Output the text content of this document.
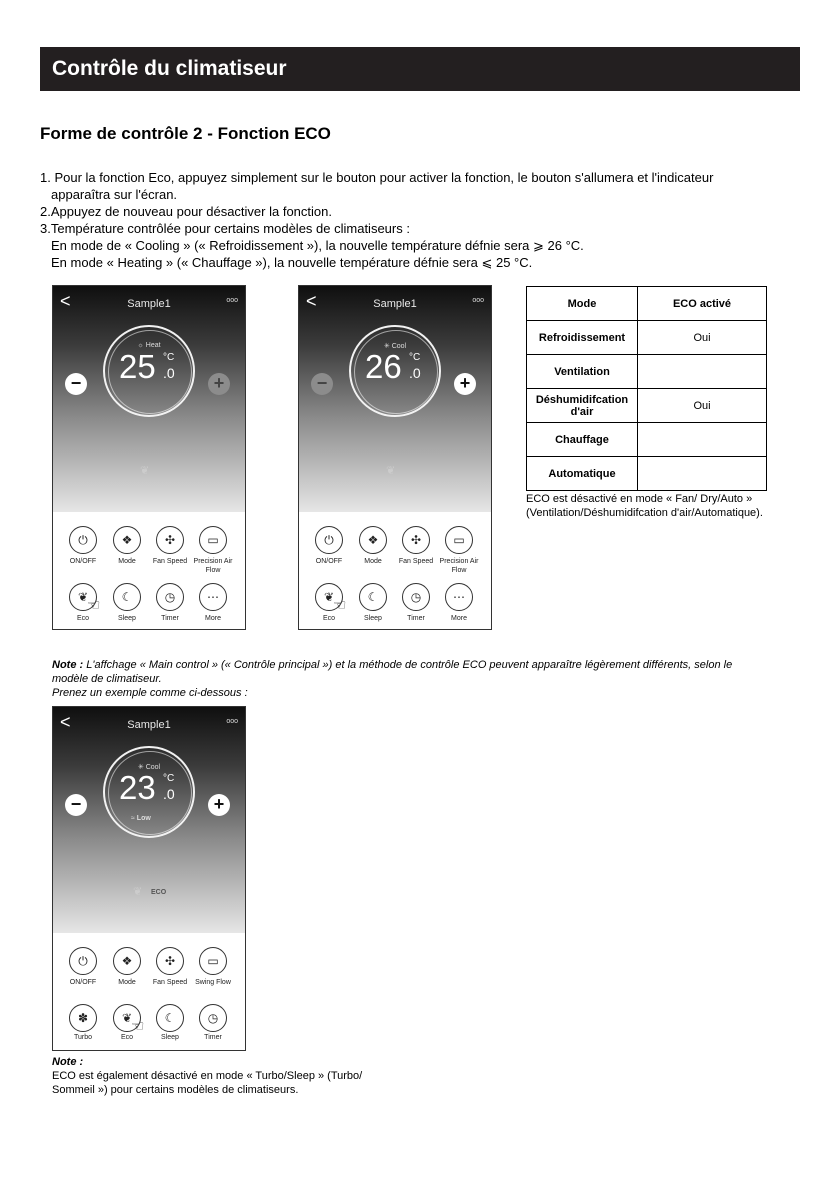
Contrôle du climatiseur
Forme de contrôle 2 - Fonction ECO
1. Pour la fonction Eco, appuyez simplement sur le bouton pour activer la fonction, le bouton s'allumera et l'indicateur
apparaîtra sur l'écran.
2.Appuyez de nouveau pour désactiver la fonction.
3.Température contrôlée pour certains modèles de climatiseurs :
En mode de « Cooling » (« Refroidissement »), la nouvelle température défnie sera ⩾ 26 °C.
En mode « Heating » (« Chauffage »), la nouvelle température défnie sera ⩽ 25 °C.
<	Sample1	ooo
☼ Heat
25 °C
.0
−	+
❦
⏻	❖	✣	▭
ON/OFF	Mode	Fan Speed Precision Air Flow
❦	☾	◷	⋯
Eco	Sleep	Timer	More
☜
<	Sample1	ooo
✳ Cool
26 °C
.0
−	+
❦
⏻	❖	✣	▭
ON/OFF	Mode	Fan Speed Precision Air Flow
❦	☾	◷	⋯
Eco	Sleep	Timer	More
☜
Mode	ECO activé
Refroidissement	Oui
Ventilation	
Déshumidifcation d'air	Oui
Chauffage	
Automatique	
ECO est désactivé en mode « Fan/ Dry/Auto »
(Ventilation/Déshumidifcation d'air/Automatique).
Note : L'affchage « Main control » (« Contrôle principal ») et la méthode de contrôle ECO peuvent apparaître légèrement différents, selon le
modèle de climatiseur.
Prenez un exemple comme ci-dessous :
<	Sample1	ooo
✳ Cool
23 °C
.0
≈ Low
−	+
❦ ECO
⏻	❖	✣	▭
ON/OFF	Mode	Fan Speed	Swing Flow
✽	❦	☾	◷
Turbo	Eco	Sleep	Timer
☜
Note :
ECO est également désactivé en mode « Turbo/Sleep » (Turbo/
Sommeil ») pour certains modèles de climatiseurs.
